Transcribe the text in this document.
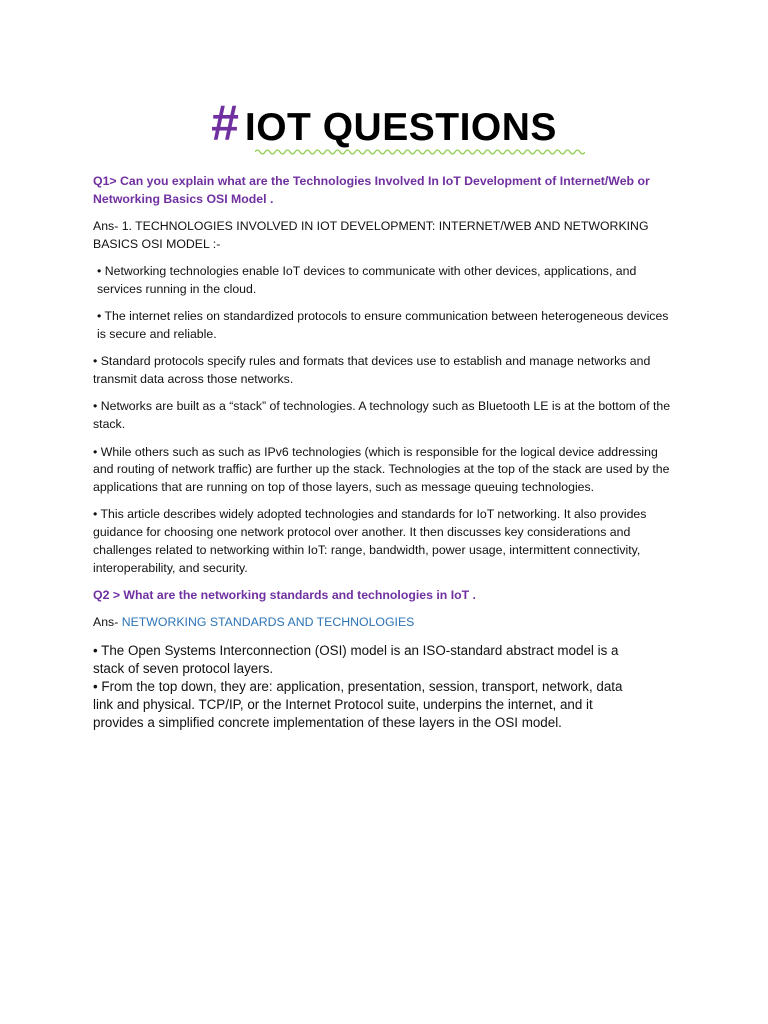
# IOT QUESTIONS

Q1> Can you explain what are the Technologies Involved In IoT Development of Internet/Web or Networking Basics OSI Model .

Ans- 1. TECHNOLOGIES INVOLVED IN IOT DEVELOPMENT: INTERNET/WEB AND NETWORKING BASICS OSI MODEL :-

• Networking technologies enable IoT devices to communicate with other devices, applications, and services running in the cloud.

• The internet relies on standardized protocols to ensure communication between heterogeneous devices is secure and reliable.

• Standard protocols specify rules and formats that devices use to establish and manage networks and transmit data across those networks.

• Networks are built as a “stack” of technologies. A technology such as Bluetooth LE is at the bottom of the stack.

• While others such as such as IPv6 technologies (which is responsible for the logical device addressing and routing of network traffic) are further up the stack. Technologies at the top of the stack are used by the applications that are running on top of those layers, such as message queuing technologies.

• This article describes widely adopted technologies and standards for IoT networking. It also provides guidance for choosing one network protocol over another. It then discusses key considerations and challenges related to networking within IoT: range, bandwidth, power usage, intermittent connectivity, interoperability, and security.

Q2 > What are the networking standards and technologies in IoT .

Ans- NETWORKING STANDARDS AND TECHNOLOGIES

• The Open Systems Interconnection (OSI) model is an ISO-standard abstract model is a stack of seven protocol layers.

• From the top down, they are: application, presentation, session, transport, network, data link and physical. TCP/IP, or the Internet Protocol suite, underpins the internet, and it provides a simplified concrete implementation of these layers in the OSI model.
